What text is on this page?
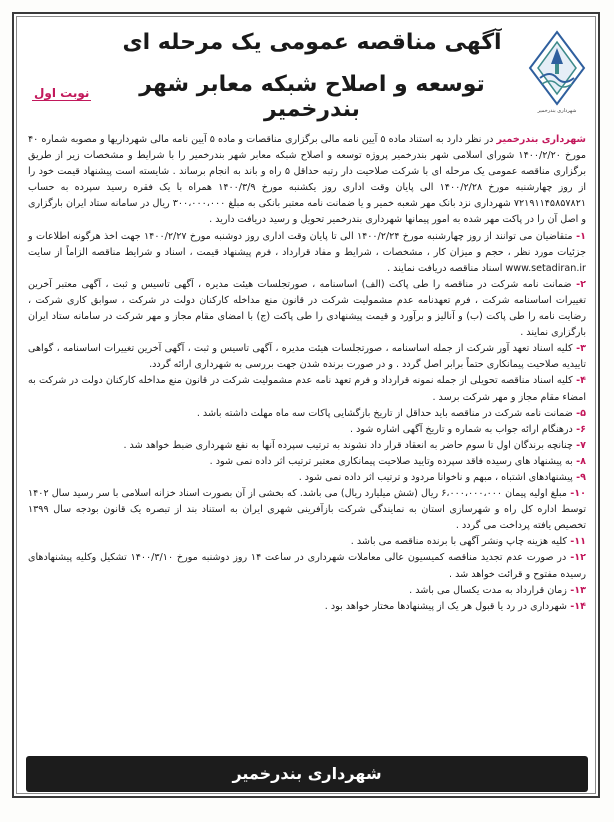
شهرداری بندرخمیر
آگهی مناقصه عمومی یک مرحله ای
توسعه و اصلاح شبکه معابر شهر بندرخمیر
نوبت اول

شهرداری بندرخمیر در نظر دارد به استناد ماده ۵ آیین نامه مالی برگزاری مناقصات و ماده ۵ آیین نامه مالی شهرداریها و مصوبه شماره ۴۰ مورخ ۱۴۰۰/۲/۲۰ شورای اسلامی شهر بندرخمیر پروژه توسعه و اصلاح شبکه معابر شهر بندرخمیر را با شرایط و مشخصات زیر از طریق برگزاری مناقصه عمومی یک مرحله ای با شرکت صلاحیت دار رتبه حداقل ۵ راه و باند به انجام برساند . شایسته است پیشنهاد قیمت خود را از روز چهارشنبه مورخ ۱۴۰۰/۲/۲۸ الی پایان وقت اداری روز یکشنبه مورخ ۱۴۰۰/۳/۹ همراه با یک فقره رسید سپرده به حساب ۷۲۱۹۱۱۴۵۸۵۷۸۲۱ شهرداری نزد بانک مهر شعبه خمیر و یا ضمانت نامه معتبر بانکی به مبلغ ۳۰۰،۰۰۰،۰۰۰ ریال در سامانه ستاد ایران بارگزاری و اصل آن را در پاکت مهر شده به امور پیمانها شهرداری بندرخمیر تحویل و رسید دریافت دارید .

۱- متقاضیان می توانند از روز چهارشنبه مورخ ۱۴۰۰/۲/۲۴ الی تا پایان وقت اداری روز دوشنبه مورخ ۱۴۰۰/۲/۲۷ جهت اخذ هرگونه اطلاعات و جزئیات مورد نظر ، حجم و میزان کار ، مشخصات ، شرایط و مفاد قرارداد ، فرم پیشنهاد قیمت ، اسناد و شرایط مناقصه الزاماً از سایت www.setadiran.ir اسناد مناقصه دریافت نمایند .

۲- ضمانت نامه شرکت در مناقصه را طی پاکت (الف) اساسنامه ، صورتجلسات هیئت مدیره ، آگهی تاسیس و ثبت ، آگهی معتبر آخرین تغییرات اساسنامه شرکت ، فرم تعهدنامه عدم مشمولیت شرکت در قانون منع مداخله کارکنان دولت در شرکت ، سوابق کاری شرکت ، رضایت نامه را طی پاکت (ب) و آنالیز و برآورد و قیمت پیشنهادی را طی پاکت (ج) با امضای مقام مجاز و مهر شرکت در سامانه ستاد ایران بارگزاری نمایند .

۳- کلیه اسناد تعهد آور شرکت از جمله اساسنامه ، صورتجلسات هیئت مدیره ، آگهی تاسیس و ثبت ، آگهی آخرین تغییرات اساسنامه ، گواهی تاییدیه صلاحیت پیمانکاری حتماً برابر اصل گردد . و در صورت برنده شدن جهت بررسی به شهرداری ارائه گردد.

۴- کلیه اسناد مناقصه تحویلی از جمله نمونه قرارداد و فرم تعهد نامه عدم مشمولیت شرکت در قانون منع مداخله کارکنان دولت در شرکت به امضاء مقام مجاز و مهر شرکت برسد .

۵- ضمانت نامه شرکت در مناقصه باید حداقل از تاریخ بازگشایی پاکات سه ماه مهلت داشته باشد .

۶- درهنگام ارائه جواب به شماره و تاریخ آگهی اشاره شود .

۷- چنانچه برندگان اول تا سوم حاضر به انعقاد قرار داد نشوند به ترتیب سپرده آنها به نفع شهرداری ضبط خواهد شد .

۸- به پیشنهاد های رسیده فاقد سپرده وتایید صلاحیت پیمانکاری معتبر ترتیب اثر داده نمی شود .

۹- پیشنهادهای اشتباه ، مبهم و ناخوانا مردود و ترتیب اثر داده نمی شود .

۱۰- مبلغ اولیه پیمان ۶،۰۰۰،۰۰۰،۰۰۰ ریال (شش میلیارد ریال) می باشد. که بخشی از آن بصورت اسناد خزانه اسلامی با سر رسید سال ۱۴۰۲ توسط اداره کل راه و شهرسازی استان به نمایندگی شرکت بازآفرینی شهری ایران به استناد بند از تبصره یک قانون بودجه سال ۱۳۹۹ تخصیص یافته پرداخت می گردد .

۱۱- کلیه هزینه چاپ ونشر آگهی با برنده مناقصه می باشد .

۱۲- در صورت عدم تجدید مناقصه کمیسیون عالی معاملات شهرداری در ساعت ۱۴ روز دوشنبه مورخ ۱۴۰۰/۳/۱۰ تشکیل وکلیه پیشنهادهای رسیده مفتوح و قرائت خواهد شد .

۱۳- زمان قرارداد به مدت یکسال می باشد .

۱۴- شهرداری در رد یا قبول هر یک از پیشنهادها مختار خواهد بود .

شهرداری بندرخمیر
